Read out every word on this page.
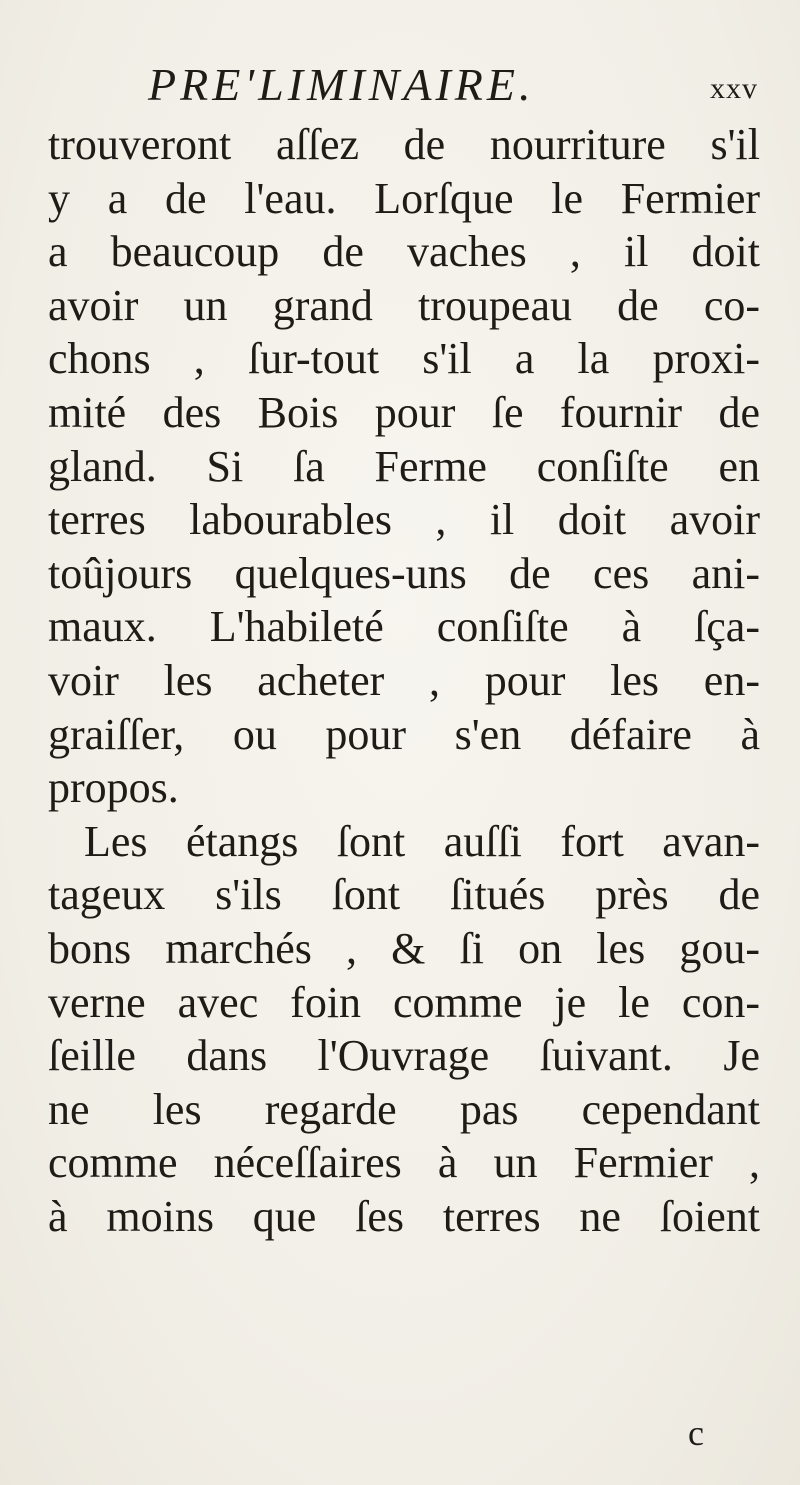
PRE'LIMINAIRE.	xxv
trouveront aſſez de nourriture s'il
y a de l'eau. Lorſque le Fermier
a beaucoup de vaches , il doit
avoir un grand troupeau de co-
chons , ſur-tout s'il a la proxi-
mité des Bois pour ſe fournir de
gland. Si ſa Ferme conſiſte en
terres labourables , il doit avoir
toûjours quelques-uns de ces ani-
maux. L'habileté conſiſte à ſça-
voir les acheter , pour les en-
graiſſer, ou pour s'en défaire à
propos.
Les étangs ſont auſſi fort avan-
tageux s'ils ſont ſitués près de
bons marchés , & ſi on les gou-
verne avec foin comme je le con-
ſeille dans l'Ouvrage ſuivant. Je
ne les regarde pas cependant
comme néceſſaires à un Fermier ,
à moins que ſes terres ne ſoient
c
